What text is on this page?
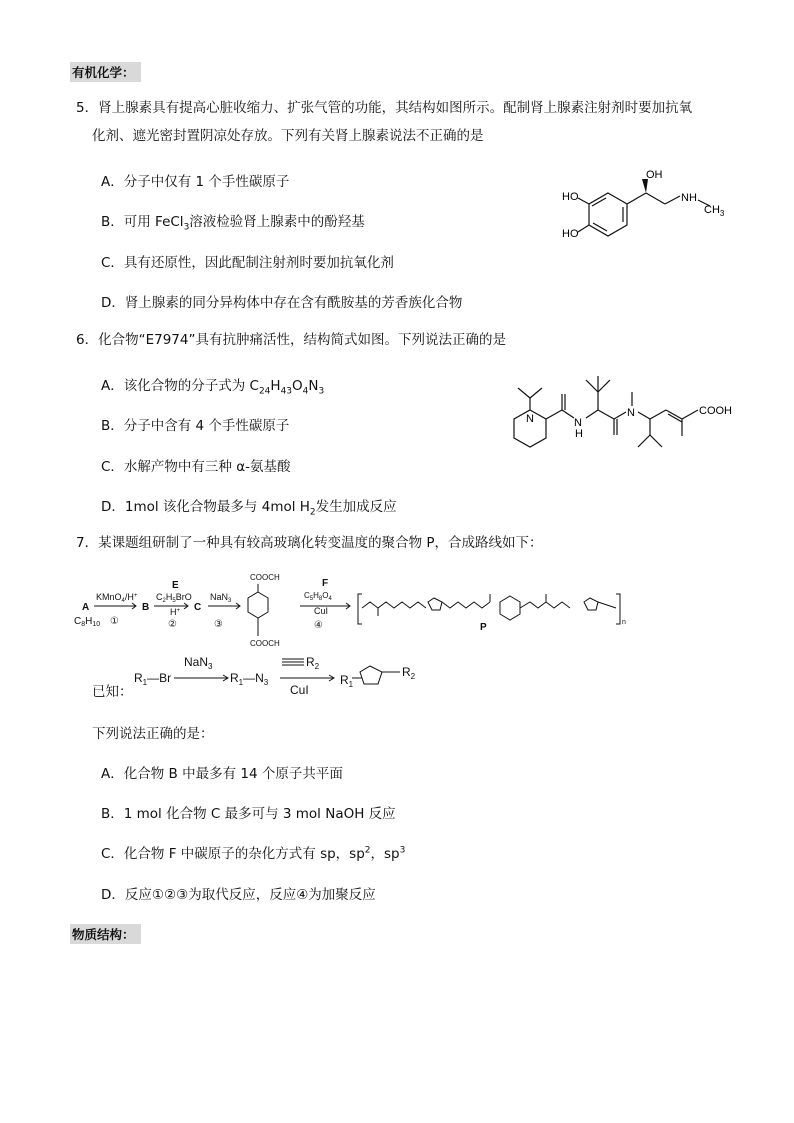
有机化学：
5．肾上腺素具有提高心脏收缩力、扩张气管的功能，其结构如图所示。配制肾上腺素注射剂时要加抗氧
化剂、遮光密封置阴凉处存放。下列有关肾上腺素说法不正确的是
A．分子中仅有 1 个手性碳原子
B．可用 FeCl$_3$溶液检验肾上腺素中的酚羟基
C．具有还原性，因此配制注射剂时要加抗氧化剂
D．肾上腺素的同分异构体中存在含有酰胺基的芳香族化合物
OH
HO
HO
NH
$CH_3$
6．化合物“E7974”具有抗肿痛活性，结构简式如图。下列说法正确的是
A．该化合物的分子式为 $C_{24}H_{43}O_4N_3$
B．分子中含有 4 个手性碳原子
C．水解产物中有三种 α-氨基酸
D．1mol 该化合物最多与 4mol $H_2$发生加成反应
N	N
H
N	COOH
7．某课题组研制了一种具有较高玻璃化转变温度的聚合物 P，合成路线如下：
A
$C_8H_{10}$
KMnO$_4$/H+
①
B
E
$C_2H_5BrO$
H+
②
C
NaN$_3$
③
COOCH
COOCH
F
$C_5H_8O_4$
CuI
④	P	n
已知：
$R_1—Br$
NaN$_3$
$R_1—N_3$
$R_2$
CuI
$R_1$
$R_2$
下列说法正确的是：
A．化合物 B 中最多有 14 个原子共平面
B．1 mol 化合物 C 最多可与 3 mol NaOH 反应
C．化合物 F 中碳原子的杂化方式有 sp，$sp^2$，$sp^3$
D．反应①②③为取代反应，反应④为加聚反应
物质结构：
